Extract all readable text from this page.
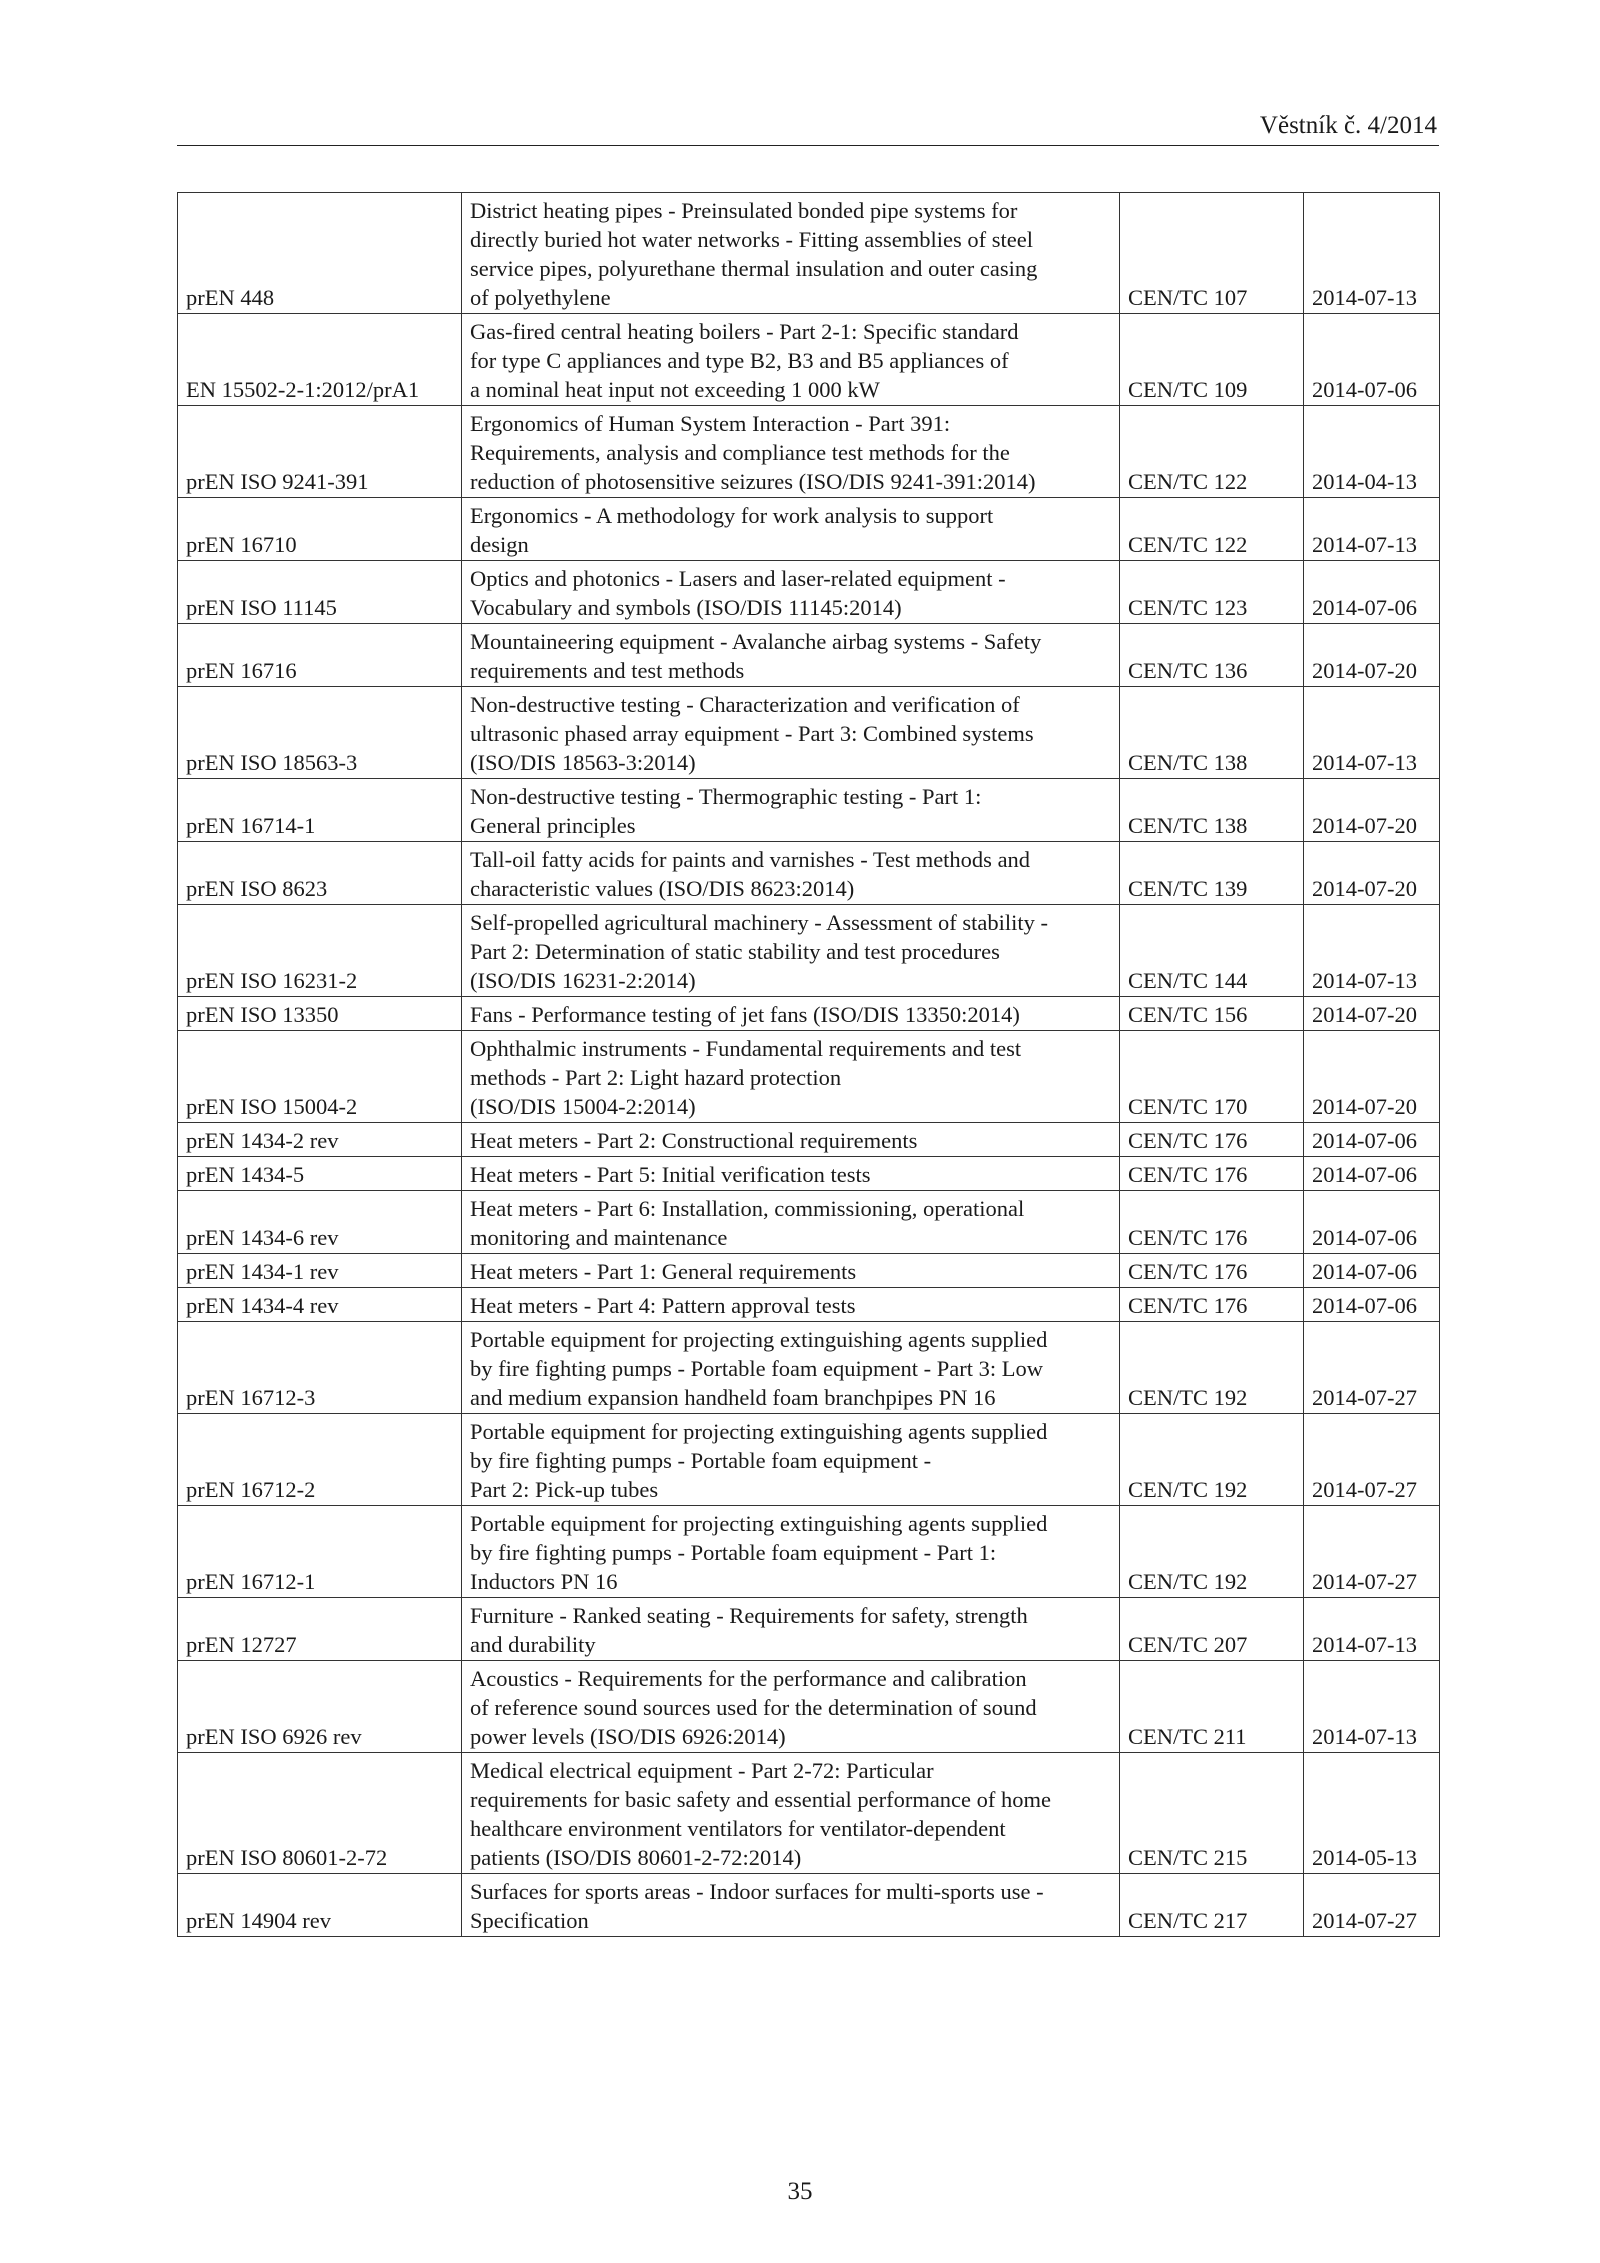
Věstník č. 4/2014
prEN 448	District heating pipes - Preinsulated bonded pipe systems for
directly buried hot water networks - Fitting assemblies of steel
service pipes, polyurethane thermal insulation and outer casing
of polyethylene	CEN/TC 107	2014-07-13
EN 15502-2-1:2012/prA1	Gas-fired central heating boilers - Part 2-1: Specific standard
for type C appliances and type B2, B3 and B5 appliances of
a nominal heat input not exceeding 1 000 kW	CEN/TC 109	2014-07-06
prEN ISO 9241-391	Ergonomics of Human System Interaction - Part 391:
Requirements, analysis and compliance test methods for the
reduction of photosensitive seizures (ISO/DIS 9241-391:2014)	CEN/TC 122	2014-04-13
prEN 16710	Ergonomics - A methodology for work analysis to support
design	CEN/TC 122	2014-07-13
prEN ISO 11145	Optics and photonics - Lasers and laser-related equipment -
Vocabulary and symbols (ISO/DIS 11145:2014)	CEN/TC 123	2014-07-06
prEN 16716	Mountaineering equipment - Avalanche airbag systems - Safety
requirements and test methods	CEN/TC 136	2014-07-20
prEN ISO 18563-3	Non-destructive testing - Characterization and verification of
ultrasonic phased array equipment - Part 3: Combined systems
(ISO/DIS 18563-3:2014)	CEN/TC 138	2014-07-13
prEN 16714-1	Non-destructive testing - Thermographic testing - Part 1:
General principles	CEN/TC 138	2014-07-20
prEN ISO 8623	Tall-oil fatty acids for paints and varnishes - Test methods and
characteristic values (ISO/DIS 8623:2014)	CEN/TC 139	2014-07-20
prEN ISO 16231-2	Self-propelled agricultural machinery - Assessment of stability -
Part 2: Determination of static stability and test procedures
(ISO/DIS 16231-2:2014)	CEN/TC 144	2014-07-13
prEN ISO 13350	Fans - Performance testing of jet fans (ISO/DIS 13350:2014)	CEN/TC 156	2014-07-20
prEN ISO 15004-2	Ophthalmic instruments - Fundamental requirements and test
methods - Part 2: Light hazard protection
(ISO/DIS 15004-2:2014)	CEN/TC 170	2014-07-20
prEN 1434-2 rev	Heat meters - Part 2: Constructional requirements	CEN/TC 176	2014-07-06
prEN 1434-5	Heat meters - Part 5: Initial verification tests	CEN/TC 176	2014-07-06
prEN 1434-6 rev	Heat meters - Part 6: Installation, commissioning, operational
monitoring and maintenance	CEN/TC 176	2014-07-06
prEN 1434-1 rev	Heat meters - Part 1: General requirements	CEN/TC 176	2014-07-06
prEN 1434-4 rev	Heat meters - Part 4: Pattern approval tests	CEN/TC 176	2014-07-06
prEN 16712-3	Portable equipment for projecting extinguishing agents supplied
by fire fighting pumps - Portable foam equipment - Part 3: Low
and medium expansion handheld foam branchpipes PN 16	CEN/TC 192	2014-07-27
prEN 16712-2	Portable equipment for projecting extinguishing agents supplied
by fire fighting pumps - Portable foam equipment -
Part 2: Pick-up tubes	CEN/TC 192	2014-07-27
prEN 16712-1	Portable equipment for projecting extinguishing agents supplied
by fire fighting pumps - Portable foam equipment - Part 1:
Inductors PN 16	CEN/TC 192	2014-07-27
prEN 12727	Furniture - Ranked seating - Requirements for safety, strength
and durability	CEN/TC 207	2014-07-13
prEN ISO 6926 rev	Acoustics - Requirements for the performance and calibration
of reference sound sources used for the determination of sound
power levels (ISO/DIS 6926:2014)	CEN/TC 211	2014-07-13
prEN ISO 80601-2-72	Medical electrical equipment - Part 2-72: Particular
requirements for basic safety and essential performance of home
healthcare environment ventilators for ventilator-dependent
patients (ISO/DIS 80601-2-72:2014)	CEN/TC 215	2014-05-13
prEN 14904 rev	Surfaces for sports areas - Indoor surfaces for multi-sports use -
Specification	CEN/TC 217	2014-07-27
35
